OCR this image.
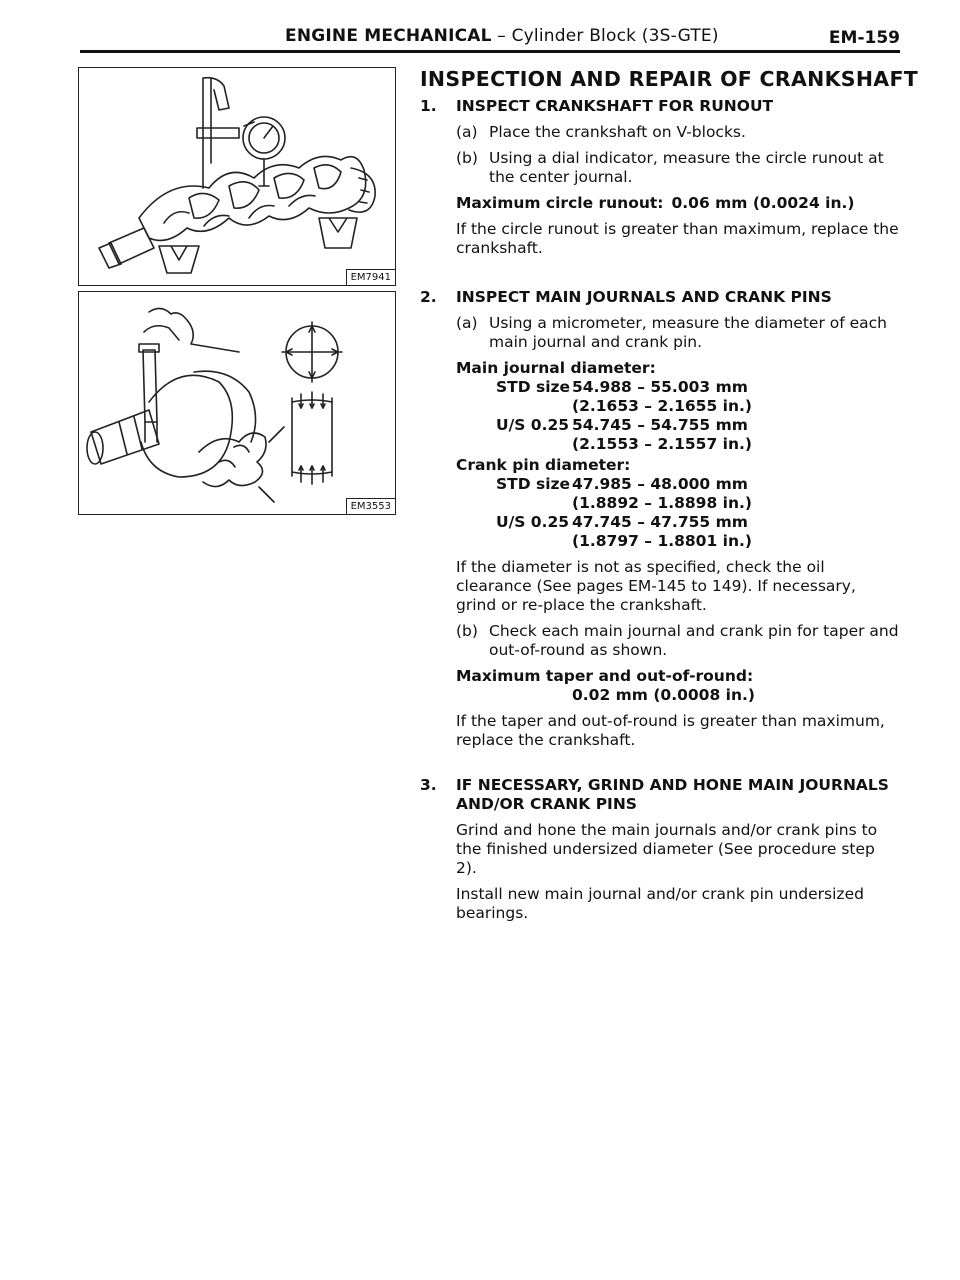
ENGINE MECHANICAL – Cylinder Block (3S-GTE)	EM-159
EM7941
EM3553
INSPECTION AND REPAIR OF CRANKSHAFT
1. INSPECT CRANKSHAFT FOR RUNOUT
(a) Place the crankshaft on V-blocks.
(b) Using a dial indicator, measure the circle runout at the center journal.
Maximum circle runout: 0.06 mm (0.0024 in.)
If the circle runout is greater than maximum, replace the crankshaft.
2. INSPECT MAIN JOURNALS AND CRANK PINS
(a) Using a micrometer, measure the diameter of each main journal and crank pin.
Main journal diameter:
STD size 54.988 – 55.003 mm
(2.1653 – 2.1655 in.)
U/S 0.25 54.745 – 54.755 mm
(2.1553 – 2.1557 in.)
Crank pin diameter:
STD size 47.985 – 48.000 mm
(1.8892 – 1.8898 in.)
U/S 0.25 47.745 – 47.755 mm
(1.8797 – 1.8801 in.)
If the diameter is not as specified, check the oil clearance (See pages EM-145 to 149). If necessary, grind or re-place the crankshaft.
(b) Check each main journal and crank pin for taper and out-of-round as shown.
Maximum taper and out-of-round:
0.02 mm (0.0008 in.)
If the taper and out-of-round is greater than maximum, replace the crankshaft.
3. IF NECESSARY, GRIND AND HONE MAIN JOURNALS AND/OR CRANK PINS
Grind and hone the main journals and/or crank pins to the finished undersized diameter (See procedure step 2).
Install new main journal and/or crank pin undersized bearings.
